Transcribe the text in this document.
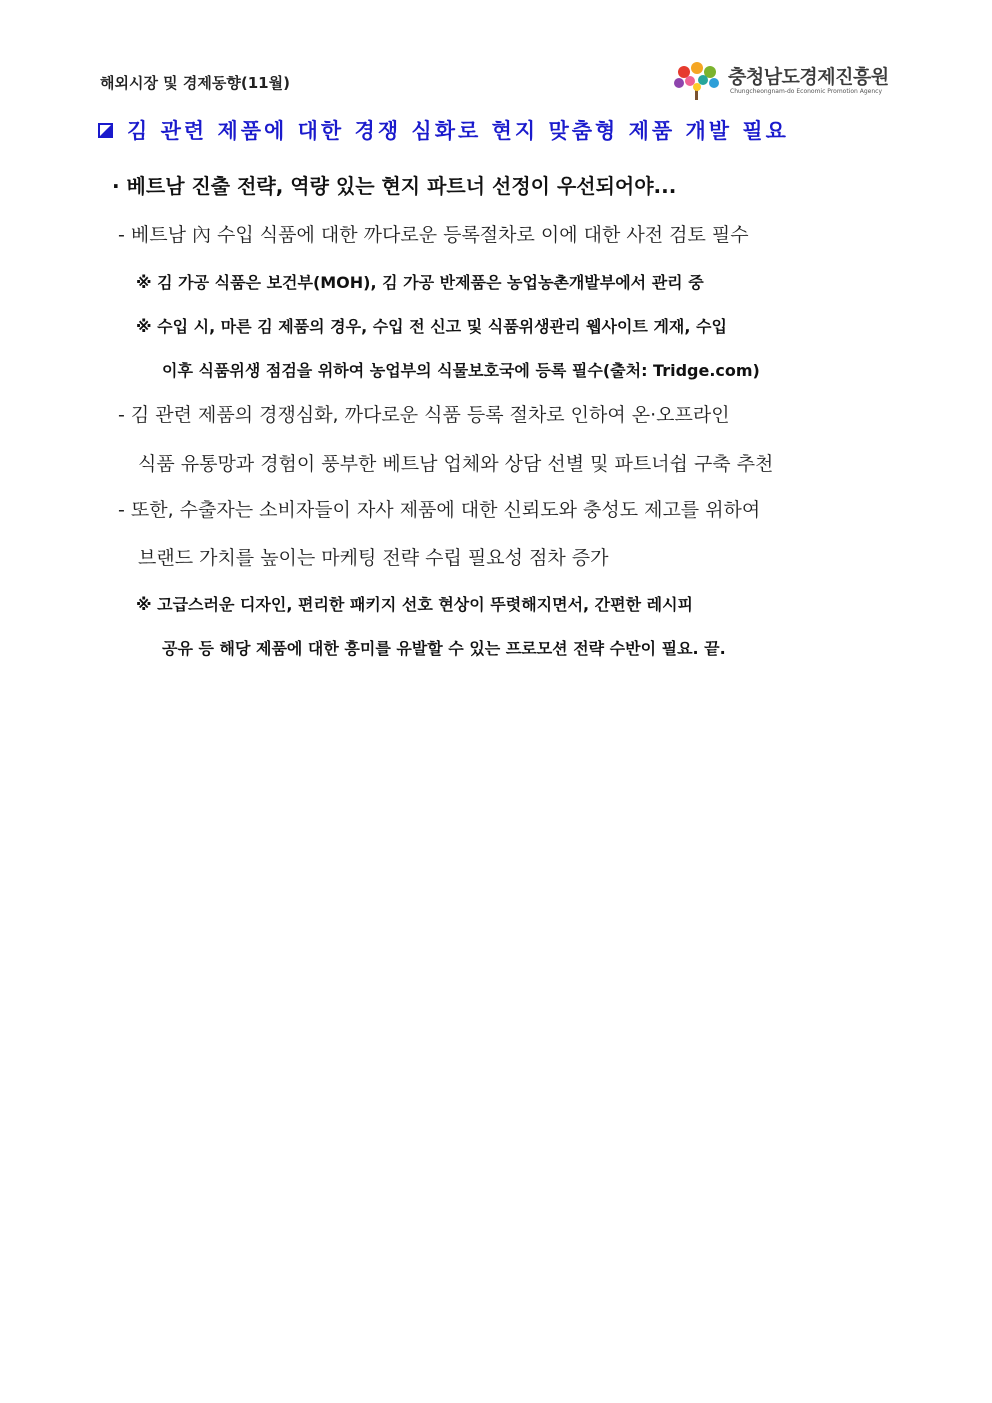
해외시장 및 경제동향(11월)	충청남도경제진흥원
Chungcheongnam-do Economic Promotion Agency
김 관련 제품에 대한 경쟁 심화로 현지 맞춤형 제품 개발 필요
· 베트남 진출 전략, 역량 있는 현지 파트너 선정이 우선되어야...
- 베트남 內 수입 식품에 대한 까다로운 등록절차로 이에 대한 사전 검토 필수
※ 김 가공 식품은 보건부(MOH), 김 가공 반제품은 농업농촌개발부에서 관리 중
※ 수입 시, 마른 김 제품의 경우, 수입 전 신고 및 식품위생관리 웹사이트 게재, 수입
이후 식품위생 점검을 위하여 농업부의 식물보호국에 등록 필수(출처: Tridge.com)
- 김 관련 제품의 경쟁심화, 까다로운 식품 등록 절차로 인하여 온·오프라인
식품 유통망과 경험이 풍부한 베트남 업체와 상담 선별 및 파트너쉽 구축 추천
- 또한, 수출자는 소비자들이 자사 제품에 대한 신뢰도와 충성도 제고를 위하여
브랜드 가치를 높이는 마케팅 전략 수립 필요성 점차 증가
※ 고급스러운 디자인, 편리한 패키지 선호 현상이 뚜렷해지면서, 간편한 레시피
공유 등 해당 제품에 대한 흥미를 유발할 수 있는 프로모션 전략 수반이 필요. 끝.
